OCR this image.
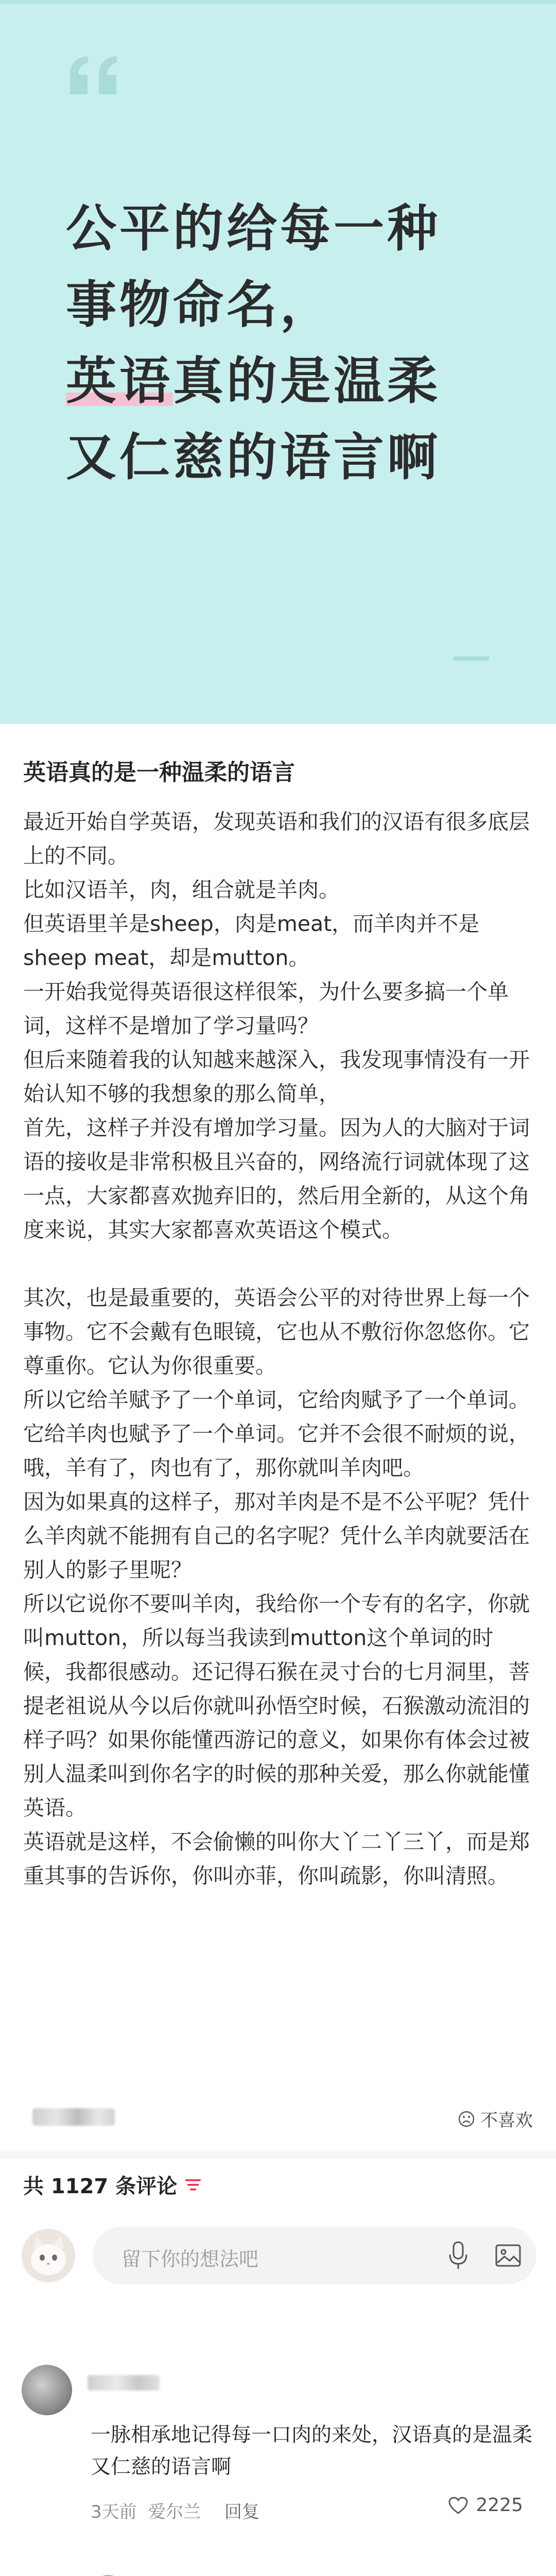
公平的给每一种
事物命名，
英语真的是温柔
又仁慈的语言啊
英语真的是一种温柔的语言

最近开始自学英语，发现英语和我们的汉语有很多底层上的不同。

比如汉语羊，肉，组合就是羊肉。

但英语里羊是sheep，肉是meat，而羊肉并不是sheep meat，却是mutton。

一开始我觉得英语很这样很笨，为什么要多搞一个单词，这样不是增加了学习量吗？

但后来随着我的认知越来越深入，我发现事情没有一开始认知不够的我想象的那么简单，

首先，这样子并没有增加学习量。因为人的大脑对于词语的接收是非常积极且兴奋的，网络流行词就体现了这一点，大家都喜欢抛弃旧的，然后用全新的，从这个角度来说，其实大家都喜欢英语这个模式。

其次，也是最重要的，英语会公平的对待世界上每一个事物。它不会戴有色眼镜，它也从不敷衍你忽悠你。它尊重你。它认为你很重要。

所以它给羊赋予了一个单词，它给肉赋予了一个单词。它给羊肉也赋予了一个单词。它并不会很不耐烦的说，哦，羊有了，肉也有了，那你就叫羊肉吧。

因为如果真的这样子，那对羊肉是不是不公平呢？凭什么羊肉就不能拥有自己的名字呢？凭什么羊肉就要活在别人的影子里呢？

所以它说你不要叫羊肉，我给你一个专有的名字，你就叫mutton，所以每当我读到mutton这个单词的时候，我都很感动。还记得石猴在灵寸台的七月洞里，菩提老祖说从今以后你就叫孙悟空时候，石猴激动流泪的样子吗？如果你能懂西游记的意义，如果你有体会过被别人温柔叫到你名字的时候的那种关爱，那么你就能懂英语。

英语就是这样，不会偷懒的叫你大丫二丫三丫，而是郑重其事的告诉你，你叫亦菲，你叫疏影，你叫清照。

不喜欢
共 1127 条评论
留下你的想法吧
一脉相承地记得每一口肉的来处，汉语真的是温柔又仁慈的语言啊
3天前 爱尔兰 回复	2225
